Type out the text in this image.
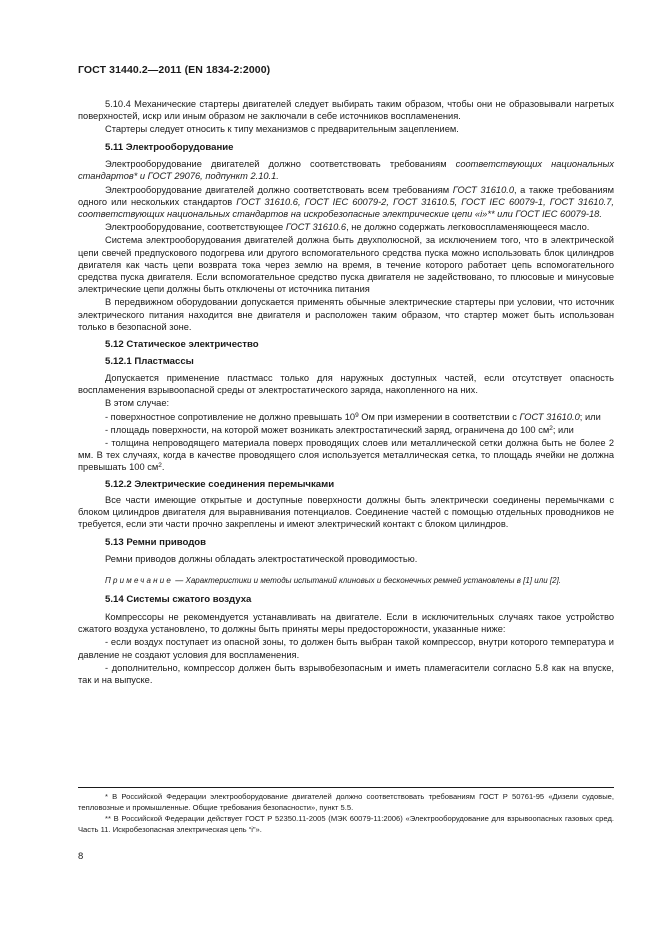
ГОСТ 31440.2—2011 (EN 1834-2:2000)

5.10.4 Механические стартеры двигателей следует выбирать таким образом, чтобы они не образовывали нагретых поверхностей, искр или иным образом не заключали в себе источников воспламенения.

Стартеры следует относить к типу механизмов с предварительным зацеплением.

5.11 Электрооборудование

Электрооборудование двигателей должно соответствовать требованиям соответствующих национальных стандартов* и ГОСТ 29076, подпункт 2.10.1.

Электрооборудование двигателей должно соответствовать всем требованиям ГОСТ 31610.0, а также требованиям одного или нескольких стандартов ГОСТ 31610.6, ГОСТ IEC 60079-2, ГОСТ 31610.5, ГОСТ IEC 60079-1, ГОСТ 31610.7, соответствующих национальных стандартов на искробезопасные электрические цепи «i»** или ГОСТ IEC 60079-18.

Электрооборудование, соответствующее ГОСТ 31610.6, не должно содержать легковоспламеняющееся масло.

Система электрооборудования двигателей должна быть двухполюсной, за исключением того, что в электрической цепи свечей предпускового подогрева или другого вспомогательного средства пуска можно использовать блок цилиндров двигателя как часть цепи возврата тока через землю на время, в течение которого работает цепь вспомогательного средства пуска двигателя. Если вспомогательное средство пуска двигателя не задействовано, то плюсовые и минусовые электрические цепи должны быть отключены от источника питания

В передвижном оборудовании допускается применять обычные электрические стартеры при условии, что источник электрического питания находится вне двигателя и расположен таким образом, что стартер может быть использован только в безопасной зоне.

5.12 Статическое электричество
5.12.1 Пластмассы

Допускается применение пластмасс только для наружных доступных частей, если отсутствует опасность воспламенения взрывоопасной среды от электростатического заряда, накопленного на них.

В этом случае:

- поверхностное сопротивление не должно превышать $10^9$ Ом при измерении в соответствии с ГОСТ 31610.0; или

- площадь поверхности, на которой может возникать электростатический заряд, ограничена до 100 $см^2$; или

- толщина непроводящего материала поверх проводящих слоев или металлической сетки должна быть не более 2 мм. В тех случаях, когда в качестве проводящего слоя используется металлическая сетка, то площадь ячейки не должна превышать 100 $см^2$.

5.12.2 Электрические соединения перемычками

Все части имеющие открытые и доступные поверхности должны быть электрически соединены перемычками с блоком цилиндров двигателя для выравнивания потенциалов. Соединение частей с помощью отдельных проводников не требуется, если эти части прочно закреплены и имеют электрический контакт с блоком цилиндров.

5.13 Ремни приводов

Ремни приводов должны обладать электростатической проводимостью.

Примечание — Характеристики и методы испытаний клиновых и бесконечных ремней установлены в [1] или [2].
5.14 Системы сжатого воздуха

Компрессоры не рекомендуется устанавливать на двигателе. Если в исключительных случаях такое устройство сжатого воздуха установлено, то должны быть приняты меры предосторожности, указанные ниже:

- если воздух поступает из опасной зоны, то должен быть выбран такой компрессор, внутри которого температура и давление не создают условия для воспламенения.

- дополнительно, компрессор должен быть взрывобезопасным и иметь пламегасители согласно 5.8 как на впуске, так и на выпуске.

* В Российской Федерации электрооборудование двигателей должно соответствовать требованиям ГОСТ Р 50761-95 «Дизели судовые, тепловозные и промышленные. Общие требования безопасности», пункт 5.5.
** В Российской Федерации действует ГОСТ Р 52350.11-2005 (МЭК 60079-11:2006) «Электрооборудование для взрывоопасных газовых сред. Часть 11. Искробезопасная электрическая цепь “i”».
8
